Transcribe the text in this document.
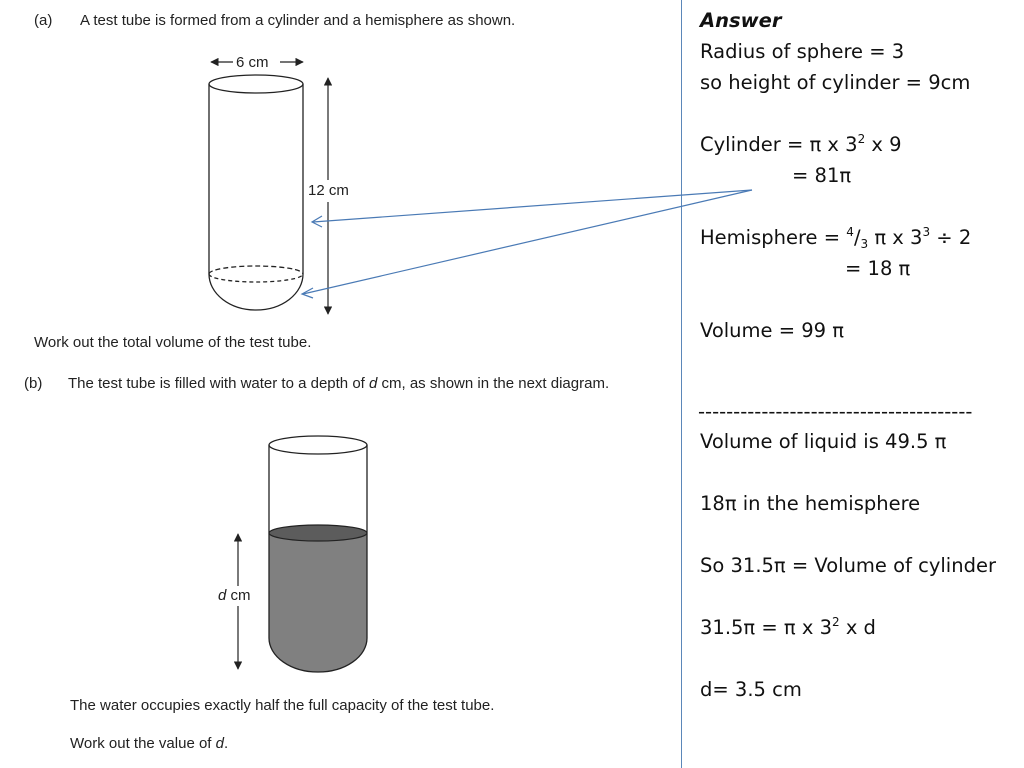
(a) A test tube is formed from a cylinder and a hemisphere as shown.
Work out the total volume of the test tube.
(b) The test tube is filled with water to a depth of d cm, as shown in the next diagram.
The water occupies exactly half the full capacity of the test tube.
Work out the value of d.
6 cm
12 cm
d cm
Answer
Radius of sphere = 3
so height of cylinder = 9cm
Cylinder = π x $3^2$ x 9
= 81π
Hemisphere = $^4/_3$ π x $3^3 \div 2$
= 18 π
Volume = 99 π
---------------------------------------
Volume of liquid is 49.5 π
18π in the hemisphere
So 31.5π = Volume of cylinder
31.5π = π x $3^2$ x d
d= 3.5 cm
